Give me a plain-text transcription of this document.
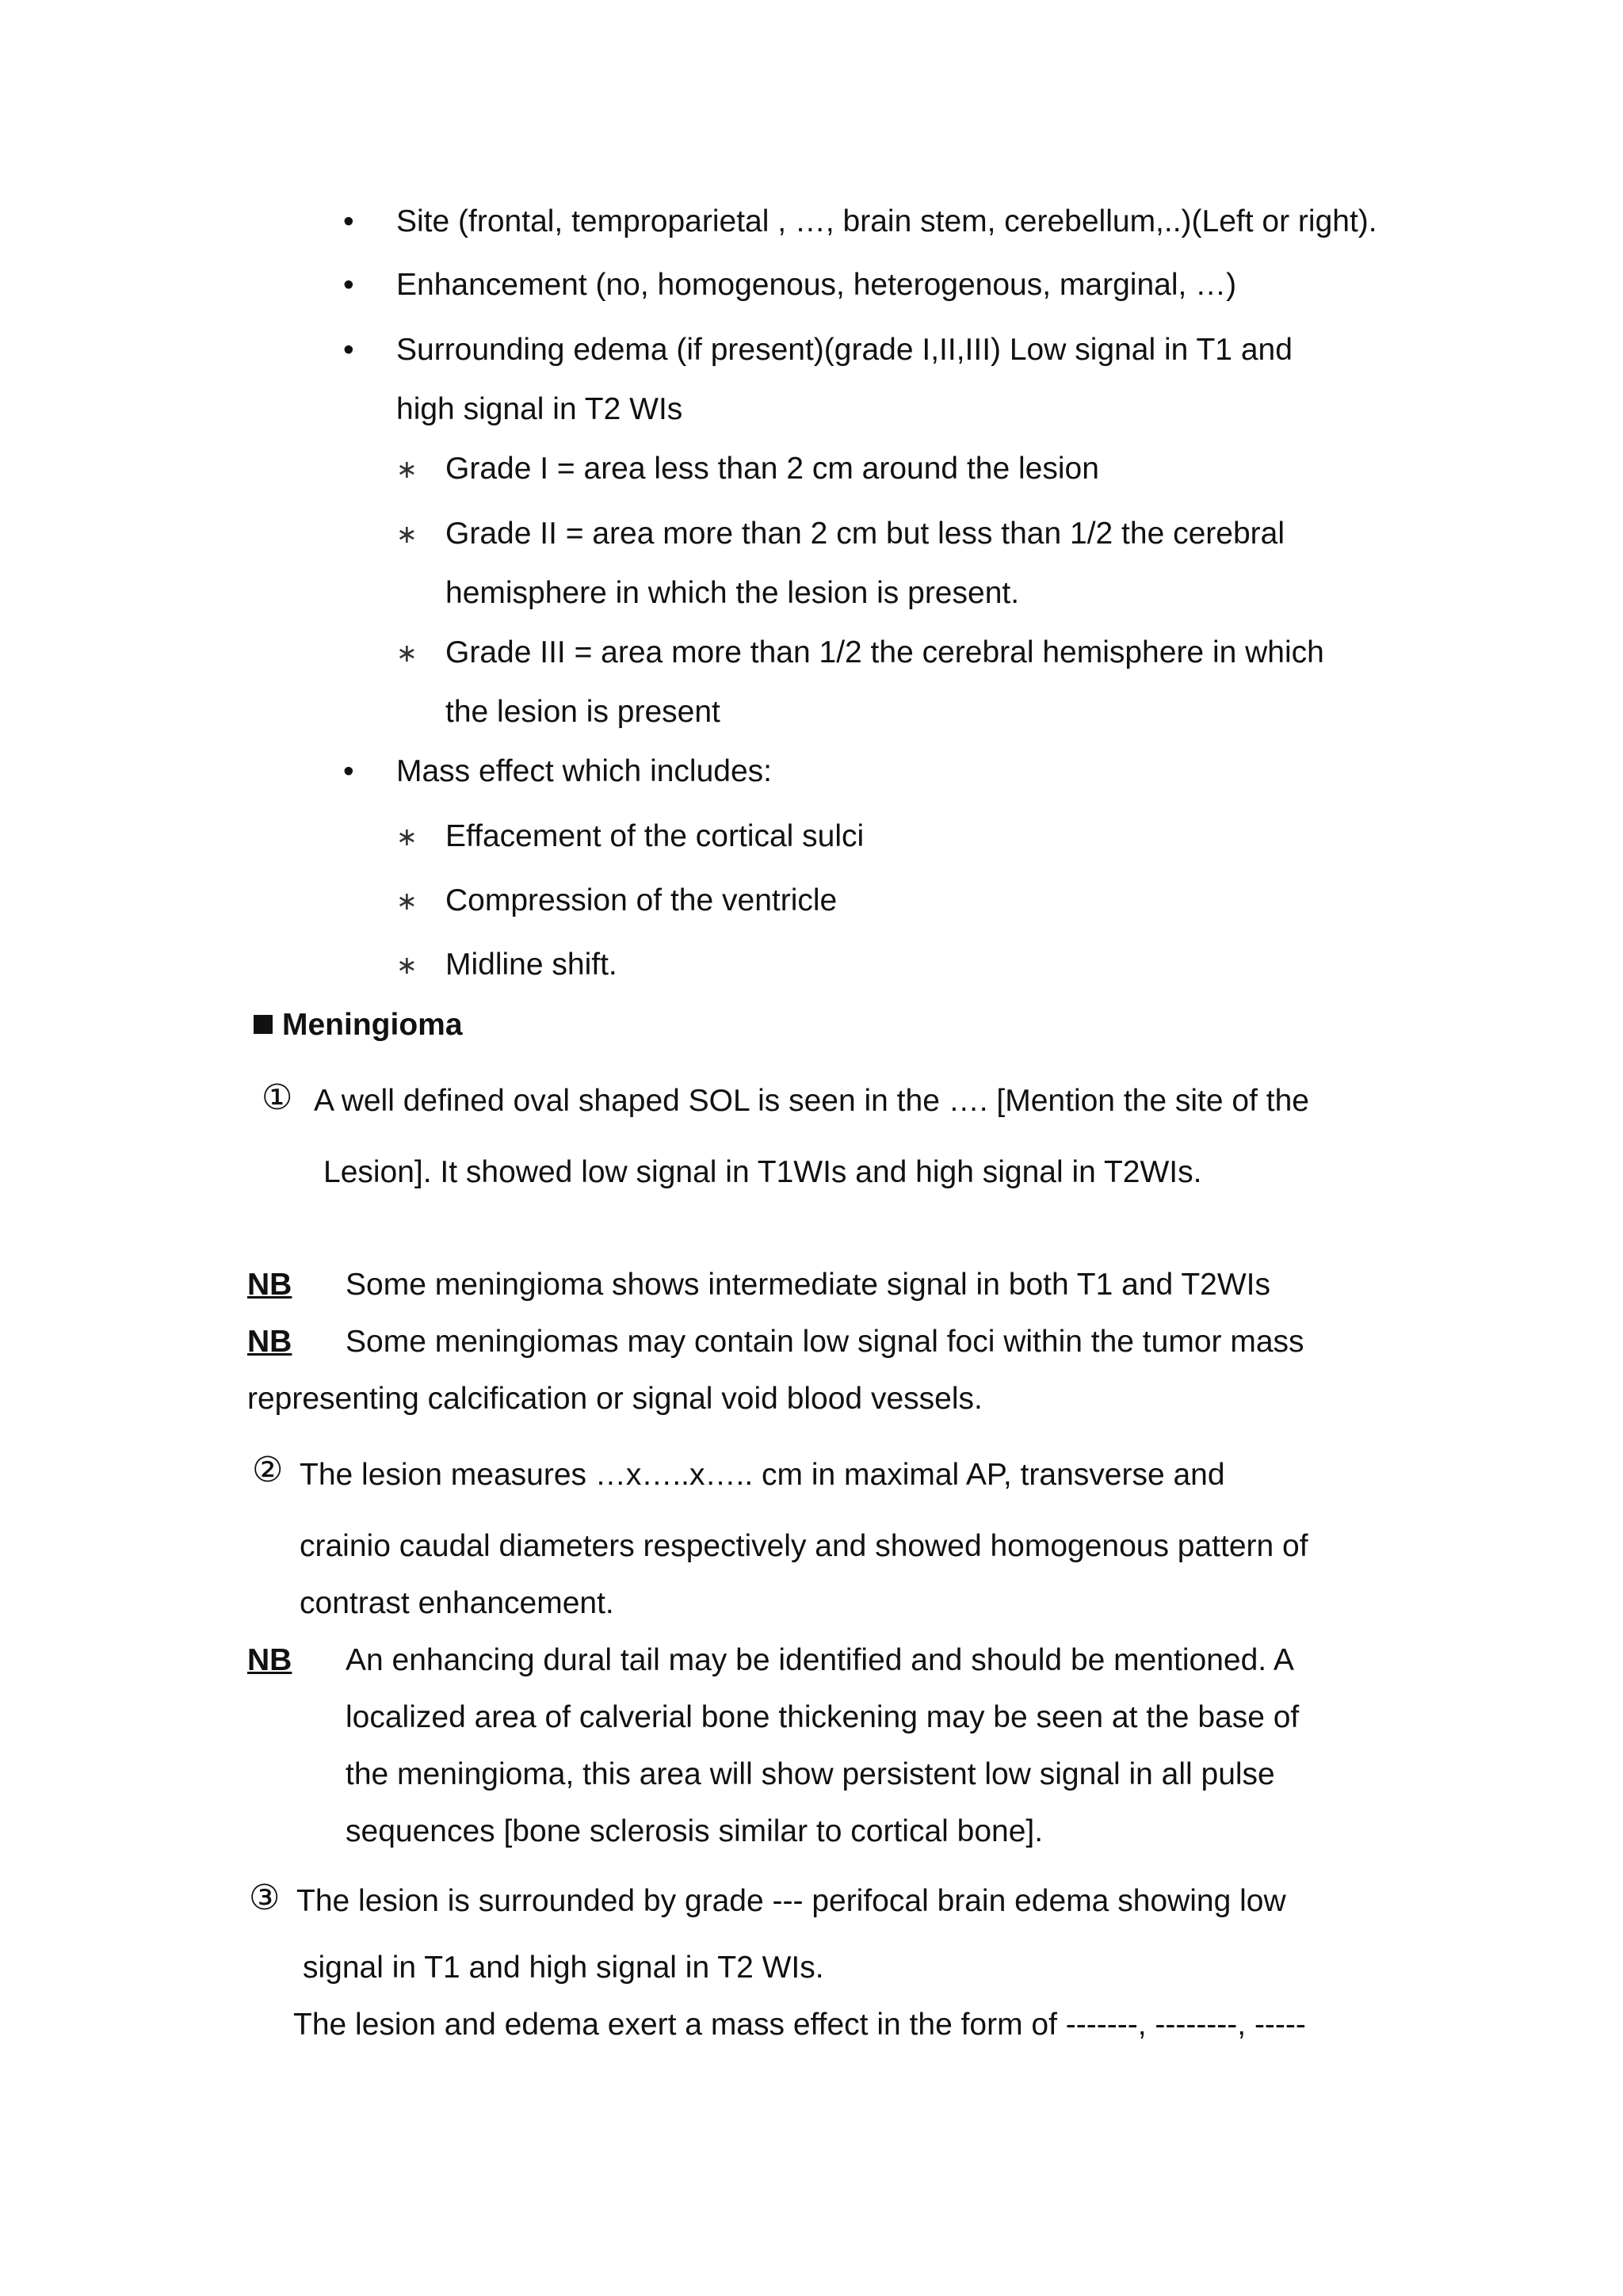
• Site (frontal, temproparietal , …, brain stem, cerebellum,..)(Left or right).
• Enhancement (no, homogenous, heterogenous, marginal, …)
• Surrounding edema (if present)(grade I,II,III) Low signal in T1 and
high signal in T2 WIs
∗ Grade I = area less than 2 cm around the lesion
∗ Grade II = area more than 2 cm but less than 1/2 the cerebral
hemisphere in which the lesion is present.
∗ Grade III = area more than 1/2 the cerebral hemisphere in which
the lesion is present
• Mass effect which includes:
∗ Effacement of the cortical sulci
∗ Compression of the ventricle
∗ Midline shift.
Meningioma
① A well defined oval shaped SOL is seen in the …. [Mention the site of the
Lesion]. It showed low signal in T1WIs and high signal in T2WIs.
NB Some meningioma shows intermediate signal in both T1 and T2WIs
NB Some meningiomas may contain low signal foci within the tumor mass
representing calcification or signal void blood vessels.
② The lesion measures …x…..x….. cm in maximal AP, transverse and
crainio caudal diameters respectively and showed homogenous pattern of
contrast enhancement.
NB An enhancing dural tail may be identified and should be mentioned. A
localized area of calverial bone thickening may be seen at the base of
the meningioma, this area will show persistent low signal in all pulse
sequences [bone sclerosis similar to cortical bone].
③ The lesion is surrounded by grade --- perifocal brain edema showing low
signal in T1 and high signal in T2 WIs.
The lesion and edema exert a mass effect in the form of -------, --------, -----
